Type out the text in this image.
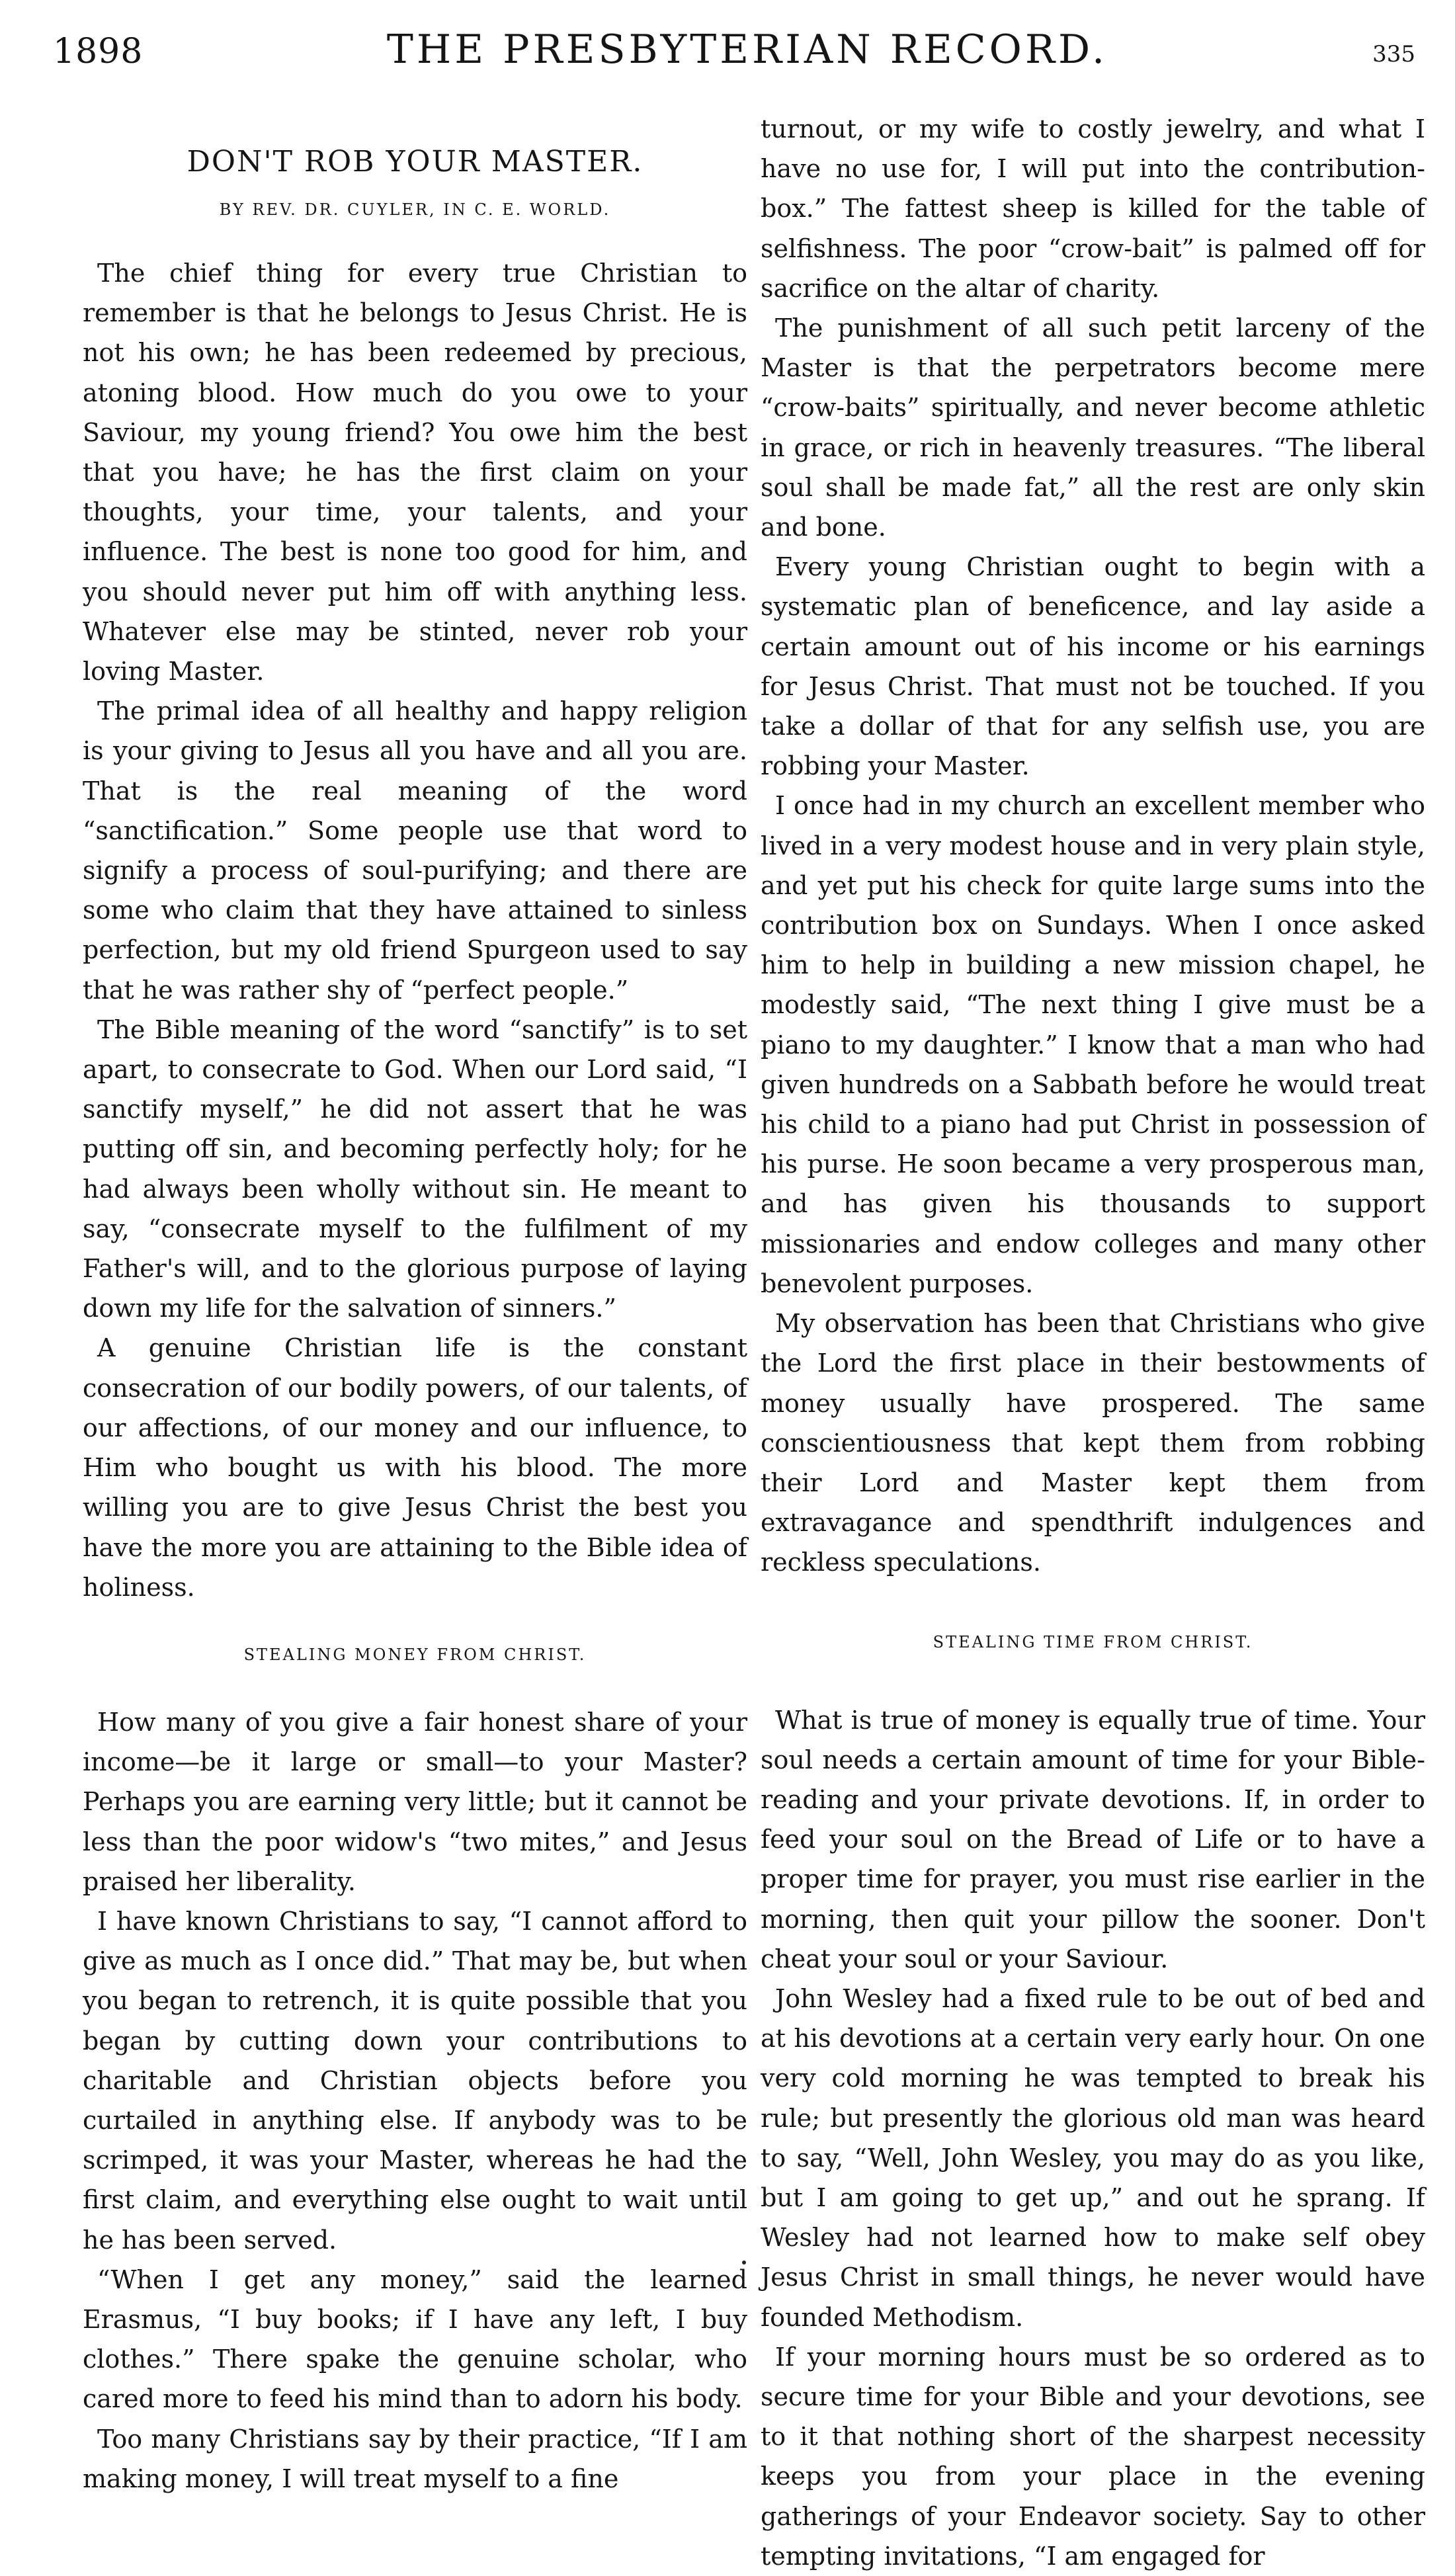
1898	THE PRESBYTERIAN RECORD.	335
DON'T ROB YOUR MASTER.
BY REV. DR. CUYLER, IN C. E. WORLD.

The chief thing for every true Christian to remember is that he belongs to Jesus Christ. He is not his own; he has been redeemed by precious, atoning blood. How much do you owe to your Saviour, my young friend? You owe him the best that you have; he has the first claim on your thoughts, your time, your talents, and your influence. The best is none too good for him, and you should never put him off with anything less. Whatever else may be stinted, never rob your loving Master.

The primal idea of all healthy and happy religion is your giving to Jesus all you have and all you are. That is the real meaning of the word “sanctification.” Some people use that word to signify a process of soul-purifying; and there are some who claim that they have attained to sinless perfection, but my old friend Spurgeon used to say that he was rather shy of “perfect people.”

The Bible meaning of the word “sanctify” is to set apart, to consecrate to God. When our Lord said, “I sanctify myself,” he did not assert that he was putting off sin, and becoming perfectly holy; for he had always been wholly without sin. He meant to say, “consecrate myself to the fulfilment of my Father's will, and to the glorious purpose of laying down my life for the salvation of sinners.”

A genuine Christian life is the constant consecration of our bodily powers, of our talents, of our affections, of our money and our influence, to Him who bought us with his blood. The more willing you are to give Jesus Christ the best you have the more you are attaining to the Bible idea of holiness.

STEALING MONEY FROM CHRIST.

How many of you give a fair honest share of your income—be it large or small—to your Master? Perhaps you are earning very little; but it cannot be less than the poor widow's “two mites,” and Jesus praised her liberality.

I have known Christians to say, “I cannot afford to give as much as I once did.” That may be, but when you began to retrench, it is quite possible that you began by cutting down your contributions to charitable and Christian objects before you curtailed in anything else. If anybody was to be scrimped, it was your Master, whereas he had the first claim, and everything else ought to wait until he has been served.

“When I get any money,” said the learned Erasmus, “I buy books; if I have any left, I buy clothes.” There spake the genuine scholar, who cared more to feed his mind than to adorn his body.

Too many Christians say by their practice, “If I am making money, I will treat myself to a fine

turnout, or my wife to costly jewelry, and what I have no use for, I will put into the contribution-box.” The fattest sheep is killed for the table of selfishness. The poor “crow-bait” is palmed off for sacrifice on the altar of charity.

The punishment of all such petit larceny of the Master is that the perpetrators become mere “crow-baits” spiritually, and never become athletic in grace, or rich in heavenly treasures. “The liberal soul shall be made fat,” all the rest are only skin and bone.

Every young Christian ought to begin with a systematic plan of beneficence, and lay aside a certain amount out of his income or his earnings for Jesus Christ. That must not be touched. If you take a dollar of that for any selfish use, you are robbing your Master.

I once had in my church an excellent member who lived in a very modest house and in very plain style, and yet put his check for quite large sums into the contribution box on Sundays. When I once asked him to help in building a new mission chapel, he modestly said, “The next thing I give must be a piano to my daughter.” I know that a man who had given hundreds on a Sabbath before he would treat his child to a piano had put Christ in possession of his purse. He soon became a very prosperous man, and has given his thousands to support missionaries and endow colleges and many other benevolent purposes.

My observation has been that Christians who give the Lord the first place in their bestowments of money usually have prospered. The same conscientiousness that kept them from robbing their Lord and Master kept them from extravagance and spendthrift indulgences and reckless speculations.

STEALING TIME FROM CHRIST.

What is true of money is equally true of time. Your soul needs a certain amount of time for your Bible-reading and your private devotions. If, in order to feed your soul on the Bread of Life or to have a proper time for prayer, you must rise earlier in the morning, then quit your pillow the sooner. Don't cheat your soul or your Saviour.

John Wesley had a fixed rule to be out of bed and at his devotions at a certain very early hour. On one very cold morning he was tempted to break his rule; but presently the glorious old man was heard to say, “Well, John Wesley, you may do as you like, but I am going to get up,” and out he sprang. If Wesley had not learned how to make self obey Jesus Christ in small things, he never would have founded Methodism.

If your morning hours must be so ordered as to secure time for your Bible and your devotions, see to it that nothing short of the sharpest necessity keeps you from your place in the evening gatherings of your Endeavor society. Say to other tempting invitations, “I am engaged for
